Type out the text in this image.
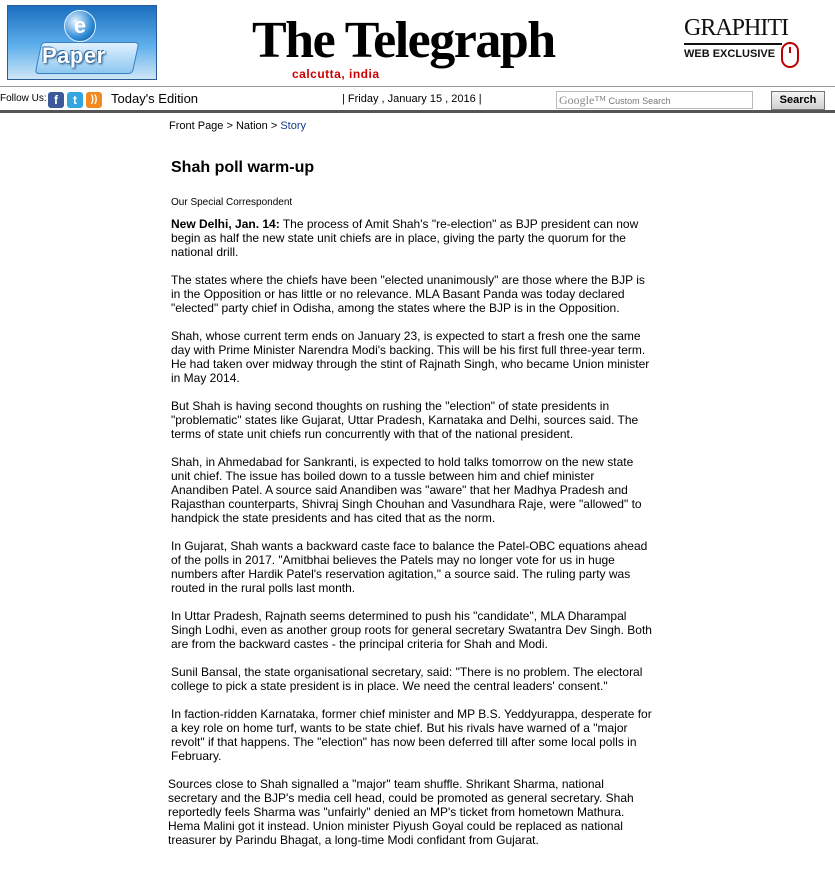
e
Paper	The Telegraph
calcutta, india
GRAPHITI
WEB EXCLUSIVE
Follow Us: f	t	))	Today's Edition	| Friday , January 15 , 2016 |	Google™ Custom Search	Search
Front Page > Nation > Story
Shah poll warm-up
Our Special Correspondent

New Delhi, Jan. 14: The process of Amit Shah's "re-election" as BJP president can now begin as half the new state unit chiefs are in place, giving the party the quorum for the national drill.

The states where the chiefs have been "elected unanimously" are those where the BJP is in the Opposition or has little or no relevance. MLA Basant Panda was today declared "elected" party chief in Odisha, among the states where the BJP is in the Opposition.

Shah, whose current term ends on January 23, is expected to start a fresh one the same day with Prime Minister Narendra Modi's backing. This will be his first full three-year term. He had taken over midway through the stint of Rajnath Singh, who became Union minister in May 2014.

But Shah is having second thoughts on rushing the "election" of state presidents in "problematic" states like Gujarat, Uttar Pradesh, Karnataka and Delhi, sources said. The terms of state unit chiefs run concurrently with that of the national president.

Shah, in Ahmedabad for Sankranti, is expected to hold talks tomorrow on the new state unit chief. The issue has boiled down to a tussle between him and chief minister Anandiben Patel. A source said Anandiben was "aware" that her Madhya Pradesh and Rajasthan counterparts, Shivraj Singh Chouhan and Vasundhara Raje, were "allowed" to handpick the state presidents and has cited that as the norm.

In Gujarat, Shah wants a backward caste face to balance the Patel-OBC equations ahead of the polls in 2017. "Amitbhai believes the Patels may no longer vote for us in huge numbers after Hardik Patel's reservation agitation," a source said. The ruling party was routed in the rural polls last month.

In Uttar Pradesh, Rajnath seems determined to push his "candidate", MLA Dharampal Singh Lodhi, even as another group roots for general secretary Swatantra Dev Singh. Both are from the backward castes - the principal criteria for Shah and Modi.

Sunil Bansal, the state organisational secretary, said: "There is no problem. The electoral college to pick a state president is in place. We need the central leaders' consent."

In faction-ridden Karnataka, former chief minister and MP B.S. Yeddyurappa, desperate for a key role on home turf, wants to be state chief. But his rivals have warned of a "major revolt" if that happens. The "election" has now been deferred till after some local polls in February.

Sources close to Shah signalled a "major" team shuffle. Shrikant Sharma, national secretary and the BJP's media cell head, could be promoted as general secretary. Shah reportedly feels Sharma was "unfairly" denied an MP's ticket from hometown Mathura. Hema Malini got it instead. Union minister Piyush Goyal could be replaced as national treasurer by Parindu Bhagat, a long-time Modi confidant from Gujarat.
